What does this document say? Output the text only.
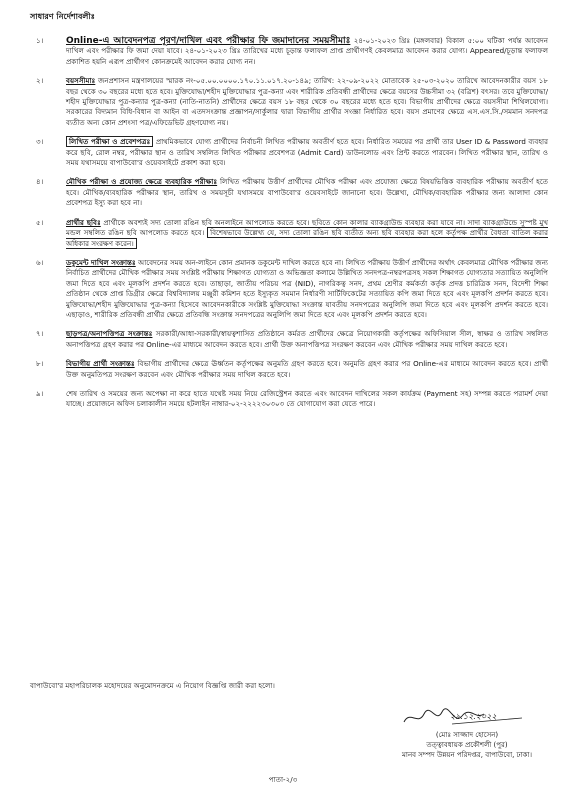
সাধারণ নির্দেশাবলীঃ
১।	Online-এ আবেদনপত্র পূরণ/দাখিল এবং পরীক্ষার ফি জমাদানের সময়সীমাঃ ২৪-০১-২০২৩ খ্রিঃ (মঙ্গলবার) বিকাল ৫:০০ ঘটিকা পর্যন্ত আবেদন দাখিল এবং পরীক্ষার ফি জমা দেয়া যাবে। ২৪-০১-২০২৩ খ্রিঃ তারিখের মধ্যে চূড়ান্ত ফলাফল প্রাপ্ত প্রার্থীগণই কেবলমাত্র আবেদন করার যোগ্য। Appeared/চূড়ান্ত ফলাফল প্রকাশিত হয়নি এরূপ প্রার্থীগণ কোনক্রমেই আবেদন করার যোগ্য নন।
২।	বয়সসীমাঃ জনপ্রশাসন মন্ত্রণালয়ের স্মারক নং-০৫.০০.০০০০.১৭০.১১.০১৭.২০-১৪৯; তারিখ: ২২-০৯-২০২২ মোতাবেক ২৫-০৩-২০২০ তারিখে আবেদনকারীর বয়স ১৮ বছর থেকে ৩০ বছরের মধ্যে হতে হবে। মুক্তিযোদ্ধা/শহীদ মুক্তিযোদ্ধার পুত্র-কন্যা এবং শারীরিক প্রতিবন্ধী প্রার্থীদের ক্ষেত্রে বয়সের উচ্চসীমা ৩২ (বত্রিশ) বৎসর। তবে মুক্তিযোদ্ধা/শহীদ মুক্তিযোদ্ধার পুত্র-কন্যার পুত্র-কন্যা (নাতি-নাতনি) প্রার্থীদের ক্ষেত্রে বয়স ১৮ বছর থেকে ৩০ বছরের মধ্যে হতে হবে। বিভাগীয় প্রার্থীদের ক্ষেত্রে বয়সসীমা শিথিলযোগ্য। সরকারের বিদ্যমান বিধি-বিধান বা আইন বা এতদসংক্রান্ত প্রজ্ঞাপন/সার্কুলার দ্বারা বিভাগীয় প্রার্থীর সংজ্ঞা নির্ধারিত হবে। বয়স প্রমাণের ক্ষেত্রে এস.এস.সি./সমমান সনদপত্র ব্যতীত অন্য কোন প্রশংসা পত্র/এফিডেভিট গ্রহণযোগ্য নয়।
৩।	লিখিত পরীক্ষা ও প্রবেশপত্রঃ প্রাথমিকভাবে যোগ্য প্রার্থীদের নির্বাচনী লিখিত পরীক্ষায় অবতীর্ণ হতে হবে। নির্ধারিত সময়ের পর প্রার্থী তার User ID & Password ব্যবহার করে ছবি, রোল নম্বর, পরীক্ষার স্থান ও তারিখ সম্বলিত লিখিত পরীক্ষার প্রবেশপত্র (Admit Card) ডাউনলোড এবং প্রিন্ট করতে পারবেন। লিখিত পরীক্ষার স্থান, তারিখ ও সময় যথাসময়ে বাপাউবো'র ওয়েবসাইটে প্রকাশ করা হবে।
৪।	মৌখিক পরীক্ষা ও প্রযোজ্য ক্ষেত্রে ব্যবহারিক পরীক্ষাঃ লিখিত পরীক্ষায় উত্তীর্ণ প্রার্থীদের মৌখিক পরীক্ষা এবং প্রযোজ্য ক্ষেত্রে বিষয়ভিত্তিক ব্যবহারিক পরীক্ষায় অবতীর্ণ হতে হবে। মৌখিক/ব্যবহারিক পরীক্ষার স্থান, তারিখ ও সময়সূচী যথাসময়ে বাপাউবো'র ওয়েবসাইটে জানানো হবে। উল্লেখ্য, মৌখিক/ব্যবহারিক পরীক্ষার জন্য আলাদা কোন প্রবেশপত্র ইস্যু করা হবে না।
৫।	প্রার্থীর ছবিঃ প্রার্থীকে অবশ্যই সদ্য তোলা রঙিন ছবি অনলাইনে আপলোড করতে হবে। ছবিতে কোন কালার ব্যাকগ্রাউন্ড ব্যবহার করা যাবে না। সাদা ব্যাকগ্রাউন্ডে সুস্পষ্ট মুখ মন্ডল সম্বলিত রঙিন ছবি আপলোড করতে হবে। বিশেষভাবে উল্লেখ্য যে, সদ্য তোলা রঙিন ছবি ব্যতীত অন্য ছবি ব্যবহার করা হলে কর্তৃপক্ষ প্রার্থীর বৈধতা বাতিল করার অধিকার সংরক্ষণ করেন।
৬।	ডকুমেন্ট দাখিল সংক্রান্তঃ আবেদনের সময় অন-লাইনে কোন প্রমানক ডকুমেন্ট দাখিল করতে হবে না। লিখিত পরীক্ষায় উত্তীর্ণ প্রার্থীদের অর্থাৎ কেবলমাত্র মৌখিক পরীক্ষার জন্য নির্বাচিত প্রার্থীদের মৌখিক পরীক্ষার সময় সংশ্লিষ্ট পরীক্ষায় শিক্ষাগত যোগ্যতা ও অভিজ্ঞতা কলামে উল্লিখিত সনদপত্র-নম্বরপত্রসহ সকল শিক্ষাগত যোগ্যতার সত্যায়িত অনুলিপি জমা দিতে হবে এবং মূলকপি প্রদর্শন করতে হবে। তাছাড়া, জাতীয় পরিচয় পত্র (NID), নাগরিকত্ব সনদ, প্রথম শ্রেণীর কর্মকর্তা কর্তৃক প্রদত্ত চারিত্রিক সনদ, বিদেশী শিক্ষা প্রতিষ্ঠান থেকে প্রাপ্ত ডিগ্রীর ক্ষেত্রে বিশ্ববিদ্যালয় মঞ্জুরী কমিশন হতে ইস্যুকৃত সমমান নির্ধারণী সার্টিফিকেটের সত্যায়িত কপি জমা দিতে হবে এবং মূলকপি প্রদর্শন করতে হবে। মুক্তিযোদ্ধা/শহীদ মুক্তিযোদ্ধার পুত্র-কন্যা হিসেবে আবেদনকারীকে সংশ্লিষ্ট মুক্তিযোদ্ধা সংক্রান্ত যাবতীয় সনদপত্রের অনুলিপি জমা দিতে হবে এবং মূলকপি প্রদর্শন করতে হবে। এছাড়াও, শারীরিক প্রতিবন্ধী প্রার্থীর ক্ষেত্রে প্রতিবন্ধি সংক্রান্ত সনদপত্রের অনুলিপি জমা দিতে হবে এবং মূলকপি প্রদর্শন করতে হবে।
৭।	ছাড়পত্র/অনাপত্তিপত্র সংক্রান্তঃ সরকারী/আধা-সরকারী/স্বায়ত্বশাসিত প্রতিষ্ঠানে কর্মরত প্রার্থীদের ক্ষেত্রে নিয়োগকারী কর্তৃপক্ষের অফিসিয়াল সীল, স্বাক্ষর ও তারিখ সম্বলিত অনাপত্তিপত্র গ্রহণ করার পর Online-এর মাধ্যমে আবেদন করতে হবে। প্রার্থী উক্ত অনাপত্তিপত্র সংরক্ষণ করবেন এবং মৌখিক পরীক্ষার সময় দাখিল করতে হবে।
৮।	বিভাগীয় প্রার্থী সংক্রান্তঃ বিভাগীয় প্রার্থীদের ক্ষেত্রে ঊর্ধ্বতন কর্তৃপক্ষের অনুমতি গ্রহণ করতে হবে। অনুমতি গ্রহণ করার পর Online-এর মাধ্যমে আবেদন করতে হবে। প্রার্থী উক্ত অনুমতিপত্র সংরক্ষণ করবেন এবং মৌখিক পরীক্ষার সময় দাখিল করতে হবে।
৯।	শেষ তারিখ ও সময়ের জন্য অপেক্ষা না করে হাতে যথেষ্ট সময় নিয়ে রেজিস্ট্রেশন করতে এবং আবেদন দাখিলের সকল কার্যক্রম (Payment সহ) সম্পন্ন করতে পরামর্শ দেয়া যাচ্ছে। প্রয়োজনে অফিস চলাকালীন সময়ে হটলাইন নাম্বার-০২-২২২২৩০৩০৩ তে যোগাযোগ করা যেতে পারে।
বাপাউবো'র মহাপরিচালক মহোদয়ের অনুমোদনক্রমে এ নিয়োগ বিজ্ঞপ্তি জারী করা হলো।
২৯.১২.২০২২
(মোঃ সাজ্জাদ হোসেন)
তত্ত্বাবধায়ক প্রকৌশলী (পুর)
মানব সম্পদ উন্নয়ন পরিদপ্তর, বাপাউবো, ঢাকা।
পাতা-২/৩
